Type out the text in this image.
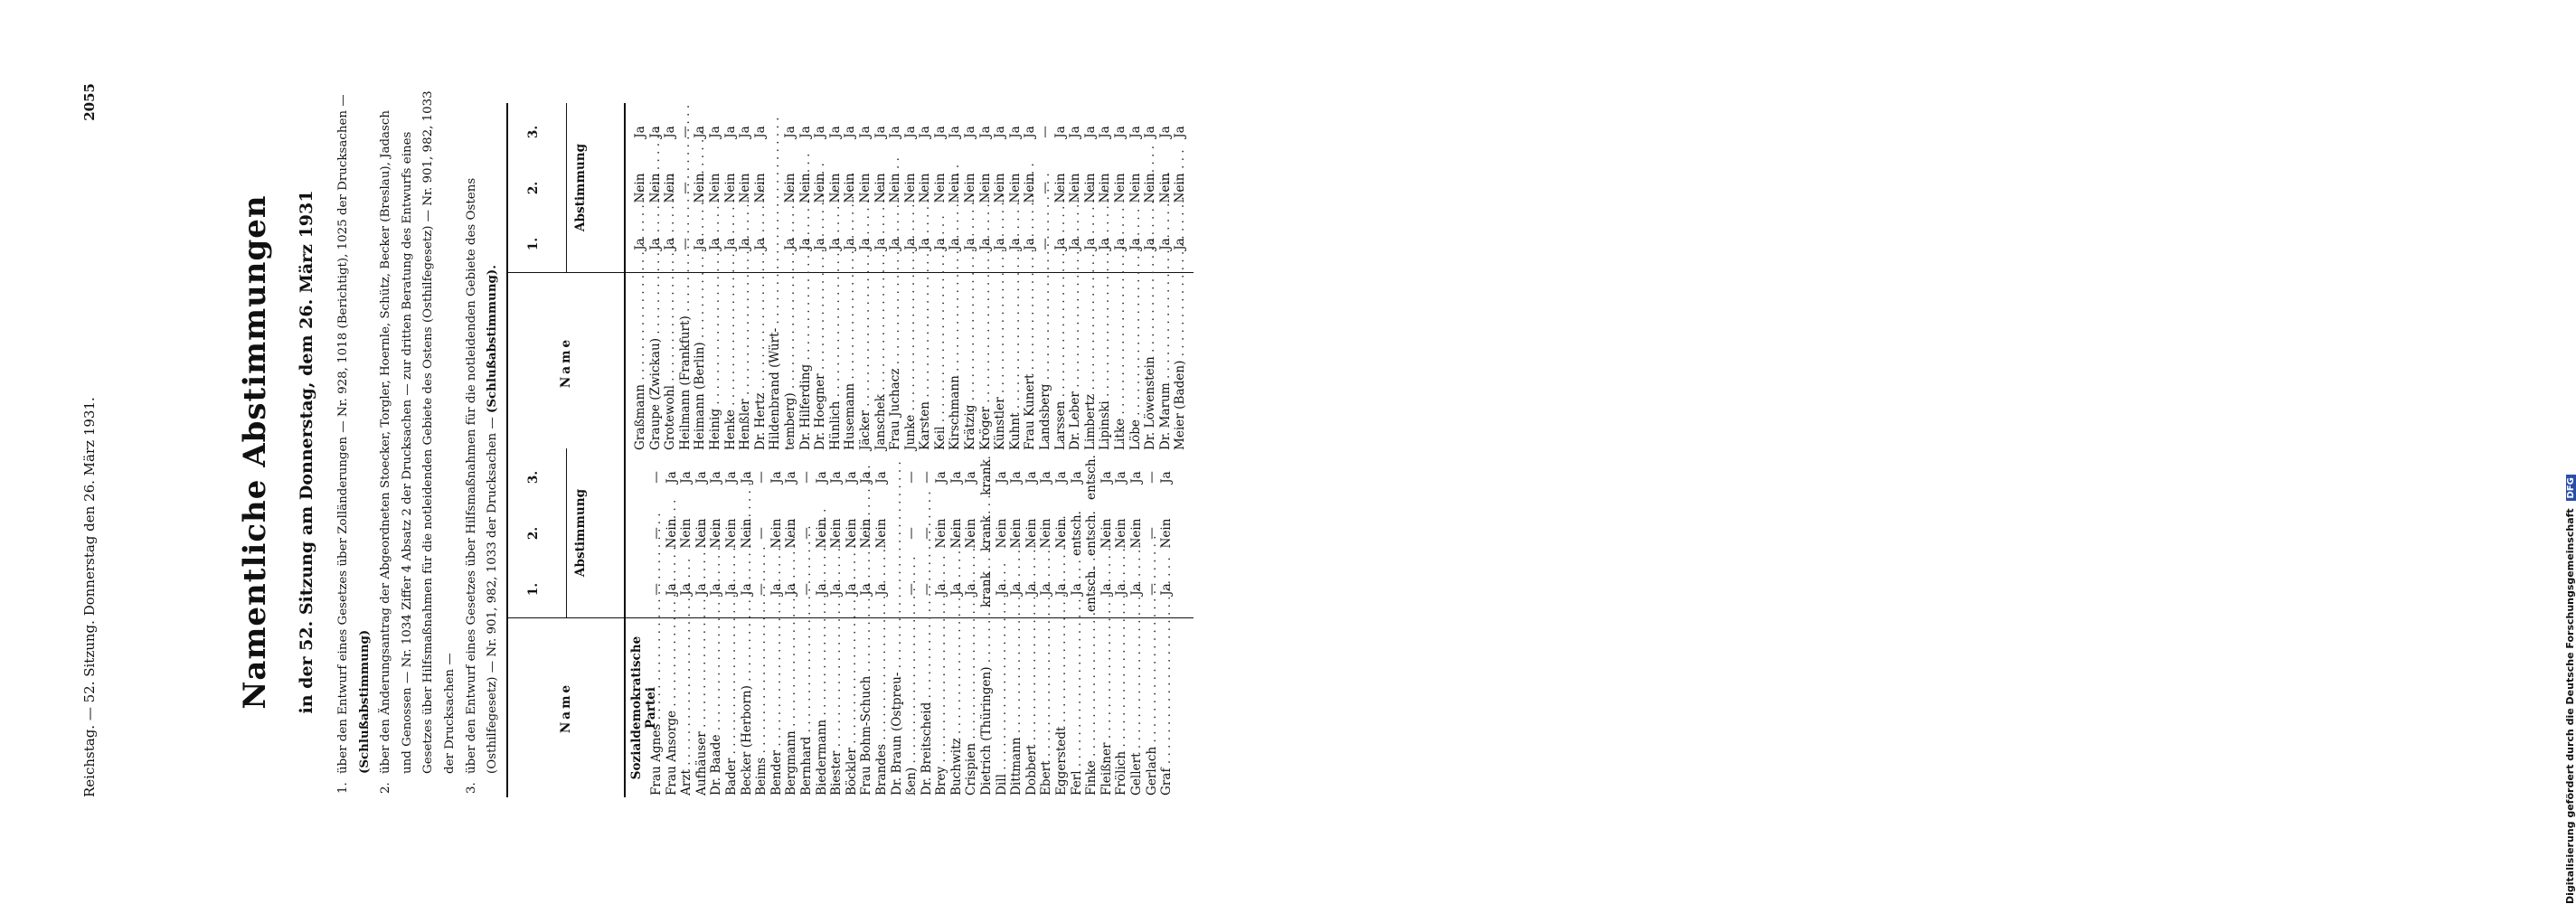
Reichstag. — 52. Sitzung. Donnerstag den 26. März 1931.
2055
Namentliche Abstimmungen in der 52. Sitzung am Donnerstag, dem 26. März 1931
1.
über den Entwurf eines Gesetzes über Zolländerungen — Nr. 928, 1018 (Berichtigt), 1025 der Drucksachen — (Schlußabstimmung)
2.
über den Änderungsantrag der Abgeordneten Stoecker, Torgler, Hoernle, Schütz, Becker (Breslau), Jadasch und Genossen — Nr. 1034 Ziffer 4 Absatz 2 der Drucksachen — zur dritten Beratung des Entwurfs eines Gesetzes über Hilfsmaßnahmen für die notleidenden Gebiete des Ostens (Osthilfegesetz) — Nr. 901, 982, 1033 der Drucksachen —
3.
über den Entwurf eines Gesetzes über Hilfsmaßnahmen für die notleidenden Gebiete des Ostens (Osthilfegesetz) — Nr. 901, 982, 1033 der Drucksachen — (Schlußabstimmung).
Name
1.
2.
3.
Abstimmung
Sozialdemokratische Partei
Frau Agnes . . .
—
—
—
Frau Ansorge . . .
Ja
Nein
Ja
Arzt . . .
Ja
Nein
Ja
Aufhäuser . . .
Ja
Nein
Ja
Dr. Baade . . .
Ja
Nein
Ja
Bader . . .
Ja
Nein
Ja
Becker (Herborn) . . .
Ja
Nein
Ja
Beims . . .
—
—
—
Bender . . .
Ja
Nein
Ja
Bergmann . . .
Ja
Nein
Ja
Bernhard . . .
—
—
—
Biedermann . . .
Ja
Nein
Ja
Biester . . .
Ja
Nein
Ja
Böckler . . .
Ja
Nein
Ja
Frau Bohm-Schuch . . .
Ja
Nein
Ja
Brandes . . .
Ja
Nein
Ja
Dr. Braun (Ostpreu- . . . ßen) . . .
—
—
—
Dr. Breitscheid . . .
—
—
—
Brey . . .
Ja
Nein
Ja
Buchwitz . . .
Ja
Nein
Ja
Crispien . . .
Ja
Nein
Ja
Dietrich (Thüringen) . . .
krank
krank
krank
Dill . . .
Ja
Nein
Ja
Dittmann . . .
Ja
Nein
Ja
Dobbert . . .
Ja
Nein
Ja
Ebert . . .
Ja
Nein
Ja
Eggerstedt . . .
Ja
Nein
Ja
Ferl . . .
Ja
entsch.
Ja
Finke . . .
entsch.
entsch.
entsch.
Fleißner . . .
Ja
Nein
Ja
Frölich . . .
Ja
Nein
Ja
Gellert . . .
Ja
Nein
Ja
Gerlach . . .
—
—
—
Graf . . .
Ja
Nein
Ja
Name
1.
2.
3.
Abstimmung
Graßmann . . .
Ja
Nein
Ja
Graupe (Zwickau) . . .
Ja
Nein
Ja
Grotewohl . . .
Ja
Nein
Ja
Heilmann (Frankfurt) . . .
—
—
—
Heimann (Berlin) . . .
Ja
Nein
Ja
Heinig . . .
Ja
Nein
Ja
Henke . . .
Ja
Nein
Ja
Henßler . . .
Ja
Nein
Ja
Dr. Hertz . . .
Ja
Nein
Ja
Hildenbrand (Würt- . . . temberg) . . .
Ja
Nein
Ja
Dr. Hilferding . . .
Ja
Nein
Ja
Dr. Hoegner . . .
Ja
Nein
Ja
Hünlich . . .
Ja
Nein
Ja
Husemann . . .
Ja
Nein
Ja
Jäcker . . .
Ja
Nein
Ja
Janschek . . .
Ja
Nein
Ja
Frau Juchacz . . .
Ja
Nein
Ja
Junke . . .
Ja
Nein
Ja
Karsten . . .
Ja
Nein
Ja
Keil . . .
Ja
Nein
Ja
Kirschmann . . .
Ja
Nein
Ja
Krätzig . . .
Ja
Nein
Ja
Kröger . . .
Ja
Nein
Ja
Künstler . . .
Ja
Nein
Ja
Kuhnt . . .
Ja
Nein
Ja
Frau Kunert . . .
Ja
Nein
Ja
Landsberg . . .
—
—
—
Larssen . . .
Ja
Nein
Ja
Dr. Leber . . .
Ja
Nein
Ja
Limbertz . . .
Ja
Nein
Ja
Lipinski . . .
Ja
Nein
Ja
Litke . . .
Ja
Nein
Ja
Löbe . . .
Ja
Nein
Ja
Dr. Löwenstein . . .
Ja
Nein
Ja
Dr. Marum . . .
Ja
Nein
Ja
Meier (Baden) . . .
Ja
Nein
Ja
Digitalisierung gefördert durch die Deutsche Forschungsgemeinschaft DFG
